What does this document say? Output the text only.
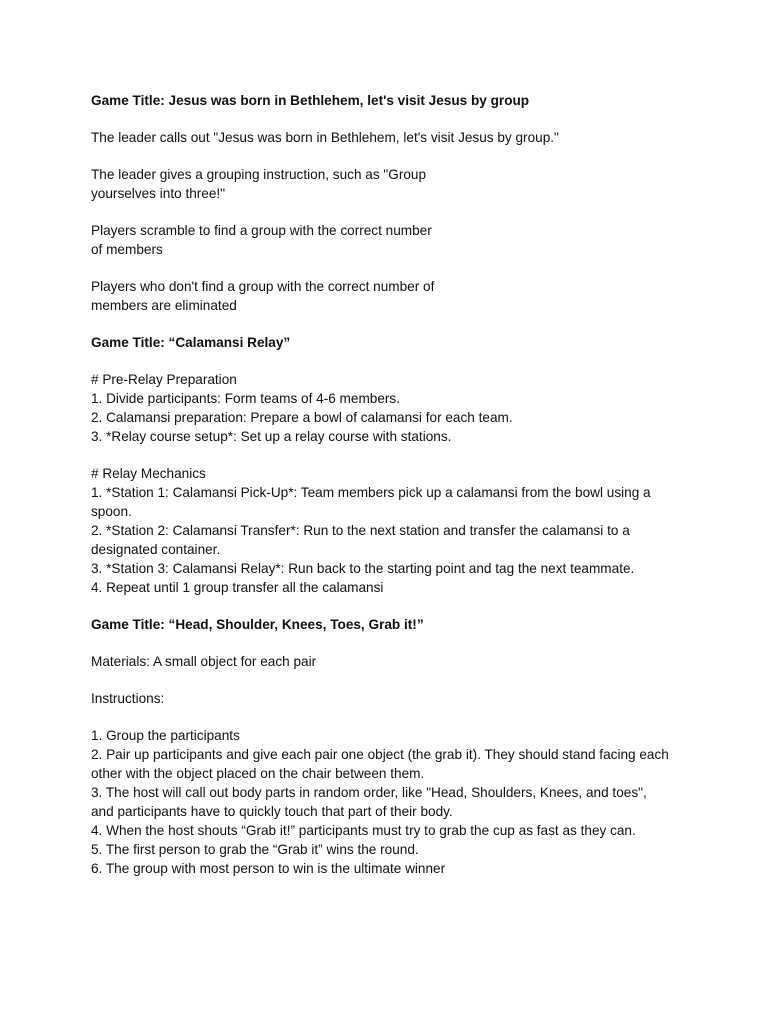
Game Title: Jesus was born in Bethlehem, let's visit Jesus by group
The leader calls out "Jesus was born in Bethlehem, let's visit Jesus by group."
The leader gives a grouping instruction, such as "Group
yourselves into three!"
Players scramble to find a group with the correct number
of members
Players who don't find a group with the correct number of
members are eliminated
Game Title: “Calamansi Relay”
# Pre-Relay Preparation
1. Divide participants: Form teams of 4-6 members.
2. Calamansi preparation: Prepare a bowl of calamansi for each team.
3. *Relay course setup*: Set up a relay course with stations.
# Relay Mechanics
1. *Station 1: Calamansi Pick-Up*: Team members pick up a calamansi from the bowl using a
spoon.
2. *Station 2: Calamansi Transfer*: Run to the next station and transfer the calamansi to a
designated container.
3. *Station 3: Calamansi Relay*: Run back to the starting point and tag the next teammate.
4. Repeat until 1 group transfer all the calamansi
Game Title: “Head, Shoulder, Knees, Toes, Grab it!”
Materials: A small object for each pair
Instructions:
1. Group the participants
2. Pair up participants and give each pair one object (the grab it). They should stand facing each
other with the object placed on the chair between them.
3. The host will call out body parts in random order, like "Head, Shoulders, Knees, and toes",
and participants have to quickly touch that part of their body.
4. When the host shouts “Grab it!” participants must try to grab the cup as fast as they can.
5. The first person to grab the “Grab it” wins the round.
6. The group with most person to win is the ultimate winner
